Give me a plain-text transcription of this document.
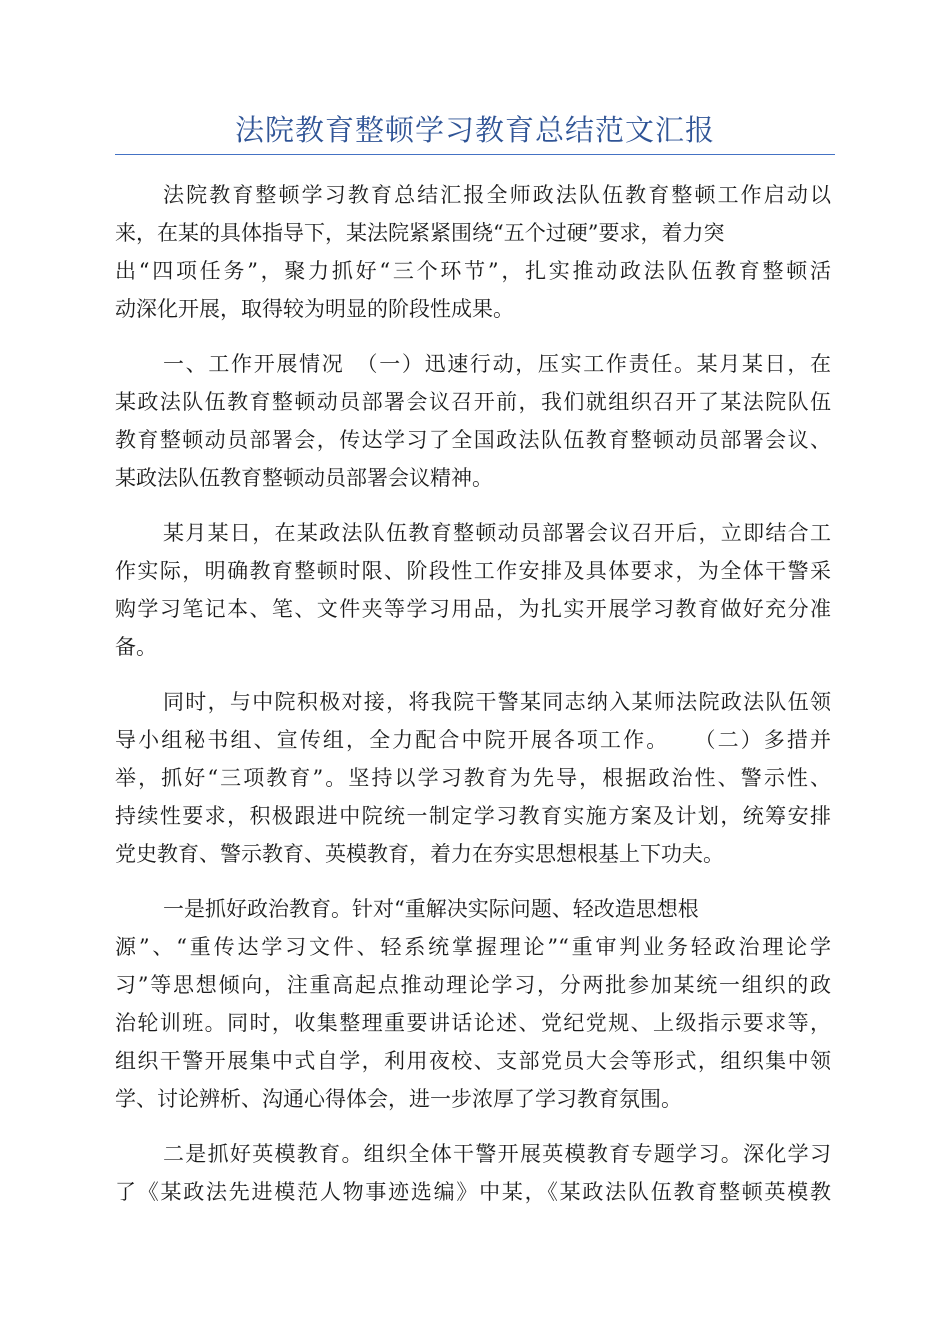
法院教育整顿学习教育总结范文汇报
法院教育整顿学习教育总结汇报全师政法队伍教育整顿工作启动以
来，在某的具体指导下，某法院紧紧围绕“五个过硬”要求，着力突
出“四项任务”，聚力抓好“三个环节”，扎实推动政法队伍教育整顿活
动深化开展，取得较为明显的阶段性成果。
一、工作开展情况　（一）迅速行动，压实工作责任。某月某日，在
某政法队伍教育整顿动员部署会议召开前，我们就组织召开了某法院队伍
教育整顿动员部署会，传达学习了全国政法队伍教育整顿动员部署会议、
某政法队伍教育整顿动员部署会议精神。
某月某日，在某政法队伍教育整顿动员部署会议召开后，立即结合工
作实际，明确教育整顿时限、阶段性工作安排及具体要求，为全体干警采
购学习笔记本、笔、文件夹等学习用品，为扎实开展学习教育做好充分准
备。
同时，与中院积极对接，将我院干警某同志纳入某师法院政法队伍领
导小组秘书组、宣传组，全力配合中院开展各项工作。　　（二）多措并
举，抓好“三项教育”。坚持以学习教育为先导，根据政治性、警示性、
持续性要求，积极跟进中院统一制定学习教育实施方案及计划，统筹安排
党史教育、警示教育、英模教育，着力在夯实思想根基上下功夫。
一是抓好政治教育。针对“重解决实际问题、轻改造思想根
源”、“重传达学习文件、轻系统掌握理论”“重审判业务轻政治理论学
习”等思想倾向，注重高起点推动理论学习，分两批参加某统一组织的政
治轮训班。同时，收集整理重要讲话论述、党纪党规、上级指示要求等，
组织干警开展集中式自学，利用夜校、支部党员大会等形式，组织集中领
学、讨论辨析、沟通心得体会，进一步浓厚了学习教育氛围。
二是抓好英模教育。组织全体干警开展英模教育专题学习。深化学习
了《某政法先进模范人物事迹选编》中某，《某政法队伍教育整顿英模教
